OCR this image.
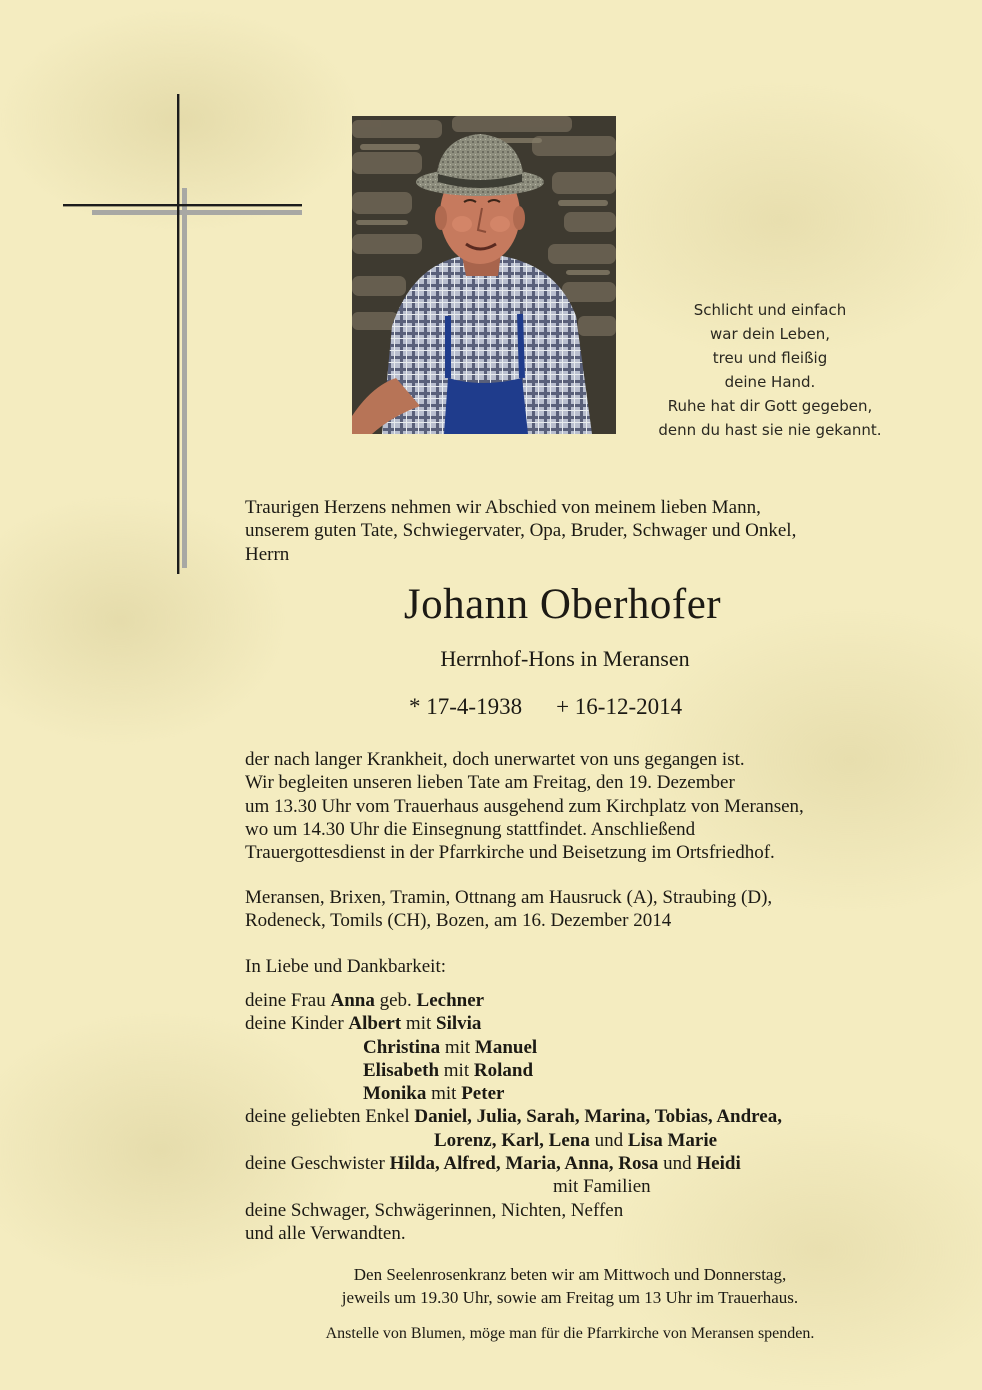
Schlicht und einfach
war dein Leben,
treu und fleißig
deine Hand.
Ruhe hat dir Gott gegeben,
denn du hast sie nie gekannt.
Traurigen Herzens nehmen wir Abschied von meinem lieben Mann,
unserem guten Tate, Schwiegervater, Opa, Bruder, Schwager und Onkel,
Herrn
Johann Oberhofer
Herrnhof-Hons in Meransen
* 17-4-1938 + 16-12-2014
der nach langer Krankheit, doch unerwartet von uns gegangen ist.
Wir begleiten unseren lieben Tate am Freitag, den 19. Dezember
um 13.30 Uhr vom Trauerhaus ausgehend zum Kirchplatz von Meransen,
wo um 14.30 Uhr die Einsegnung stattfindet. Anschließend
Trauergottesdienst in der Pfarrkirche und Beisetzung im Ortsfriedhof.
Meransen, Brixen, Tramin, Ottnang am Hausruck (A), Straubing (D),
Rodeneck, Tomils (CH), Bozen, am 16. Dezember 2014
In Liebe und Dankbarkeit:
deine Frau Anna geb. Lechner
deine Kinder Albert mit Silvia
Christina mit Manuel
Elisabeth mit Roland
Monika mit Peter
deine geliebten Enkel Daniel, Julia, Sarah, Marina, Tobias, Andrea,
Lorenz, Karl, Lena und Lisa Marie
deine Geschwister Hilda, Alfred, Maria, Anna, Rosa und Heidi
mit Familien
deine Schwager, Schwägerinnen, Nichten, Neffen
und alle Verwandten.
Den Seelenrosenkranz beten wir am Mittwoch und Donnerstag,
jeweils um 19.30 Uhr, sowie am Freitag um 13 Uhr im Trauerhaus.
Anstelle von Blumen, möge man für die Pfarrkirche von Meransen spenden.
